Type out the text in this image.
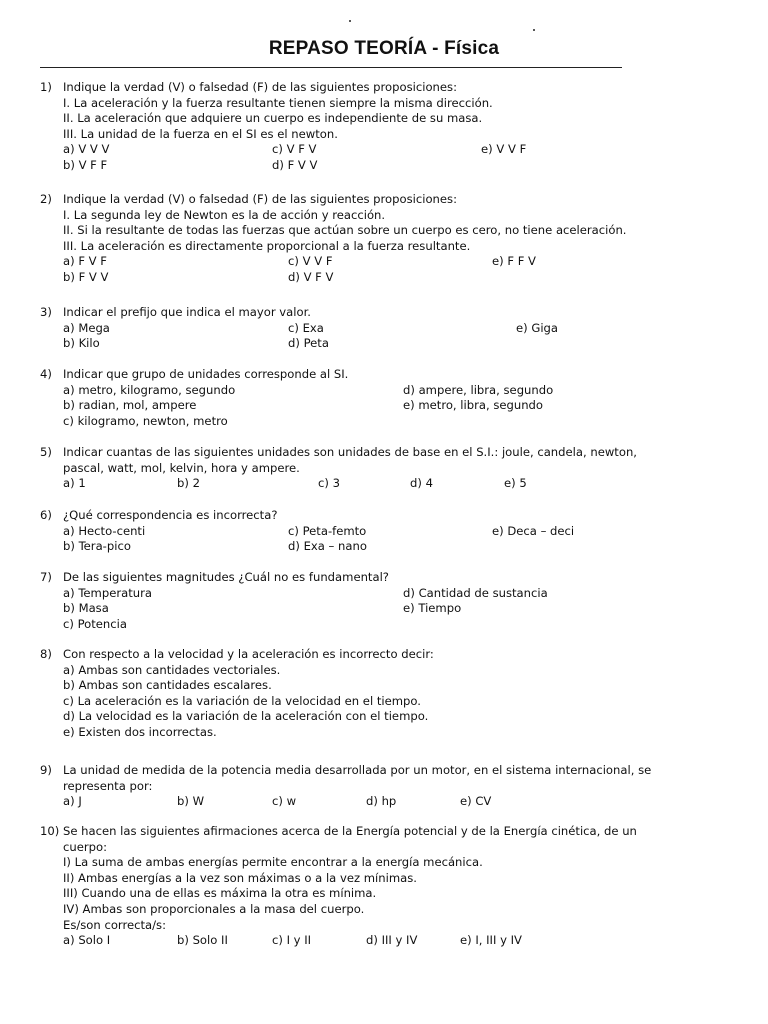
REPASO TEORÍA - Física
1) Indique la verdad (V) o falsedad (F) de las siguientes proposiciones:
I. La aceleración y la fuerza resultante tienen siempre la misma dirección.
II. La aceleración que adquiere un cuerpo es independiente de su masa.
III. La unidad de la fuerza en el SI es el newton.
a) V V V	c) V F V	e) V V F
b) V F F	d) F V V
2) Indique la verdad (V) o falsedad (F) de las siguientes proposiciones:
I. La segunda ley de Newton es la de acción y reacción.
II. Si la resultante de todas las fuerzas que actúan sobre un cuerpo es cero, no tiene aceleración.
III. La aceleración es directamente proporcional a la fuerza resultante.
a) F V F	c) V V F	e) F F V
b) F V V	d) V F V
3) Indicar el prefijo que indica el mayor valor.
a) Mega	c) Exa	e) Giga
b) Kilo	d) Peta
4) Indicar que grupo de unidades corresponde al SI.
a) metro, kilogramo, segundo	d) ampere, libra, segundo
b) radian, mol, ampere	e) metro, libra, segundo
c) kilogramo, newton, metro
5) Indicar cuantas de las siguientes unidades son unidades de base en el S.I.: joule, candela, newton,
pascal, watt, mol, kelvin, hora y ampere.
a) 1	b) 2	c) 3	d) 4	e) 5
6) ¿Qué correspondencia es incorrecta?
a) Hecto-centi	c) Peta-femto	e) Deca – deci
b) Tera-pico	d) Exa – nano
7) De las siguientes magnitudes ¿Cuál no es fundamental?
a) Temperatura	d) Cantidad de sustancia
b) Masa	e) Tiempo
c) Potencia
8) Con respecto a la velocidad y la aceleración es incorrecto decir:
a) Ambas son cantidades vectoriales.
b) Ambas son cantidades escalares.
c) La aceleración es la variación de la velocidad en el tiempo.
d) La velocidad es la variación de la aceleración con el tiempo.
e) Existen dos incorrectas.
9) La unidad de medida de la potencia media desarrollada por un motor, en el sistema internacional, se
representa por:
a) J	b) W	c) w	d) hp	e) CV
10) Se hacen las siguientes afirmaciones acerca de la Energía potencial y de la Energía cinética, de un
cuerpo:
I) La suma de ambas energías permite encontrar a la energía mecánica.
II) Ambas energías a la vez son máximas o a la vez mínimas.
III) Cuando una de ellas es máxima la otra es mínima.
IV) Ambas son proporcionales a la masa del cuerpo.
Es/son correcta/s:
a) Solo I	b) Solo II	c) I y II	d) III y IV	e) I, III y IV
